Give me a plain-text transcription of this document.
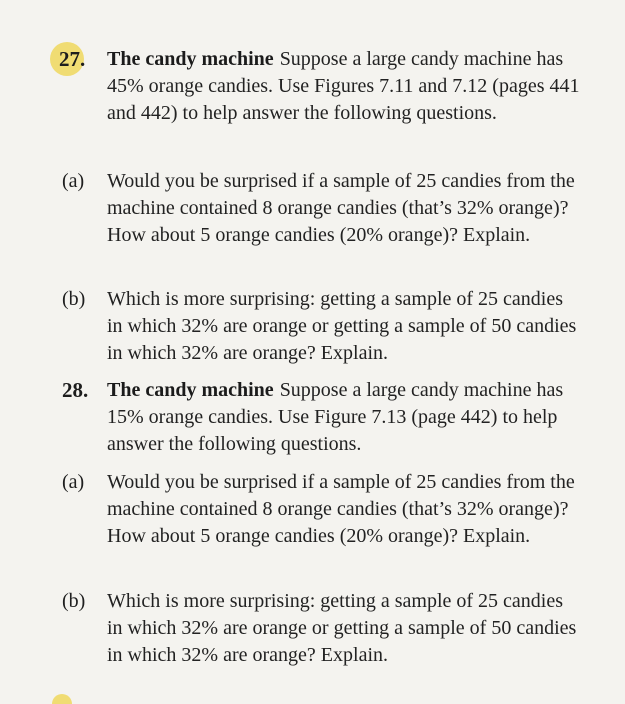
27. The candy machine Suppose a large candy machine has 45% orange candies. Use Figures 7.11 and 7.12 (pages 441 and 442) to help answer the following questions.
(a) Would you be surprised if a sample of 25 candies from the machine contained 8 orange candies (that’s 32% orange)? How about 5 orange candies (20% orange)? Explain.
(b) Which is more surprising: getting a sample of 25 candies in which 32% are orange or getting a sample of 50 candies in which 32% are orange? Explain.
28. The candy machine Suppose a large candy machine has 15% orange candies. Use Figure 7.13 (page 442) to help answer the following questions.
(a) Would you be surprised if a sample of 25 candies from the machine contained 8 orange candies (that’s 32% orange)? How about 5 orange candies (20% orange)? Explain.
(b) Which is more surprising: getting a sample of 25 candies in which 32% are orange or getting a sample of 50 candies in which 32% are orange? Explain.
